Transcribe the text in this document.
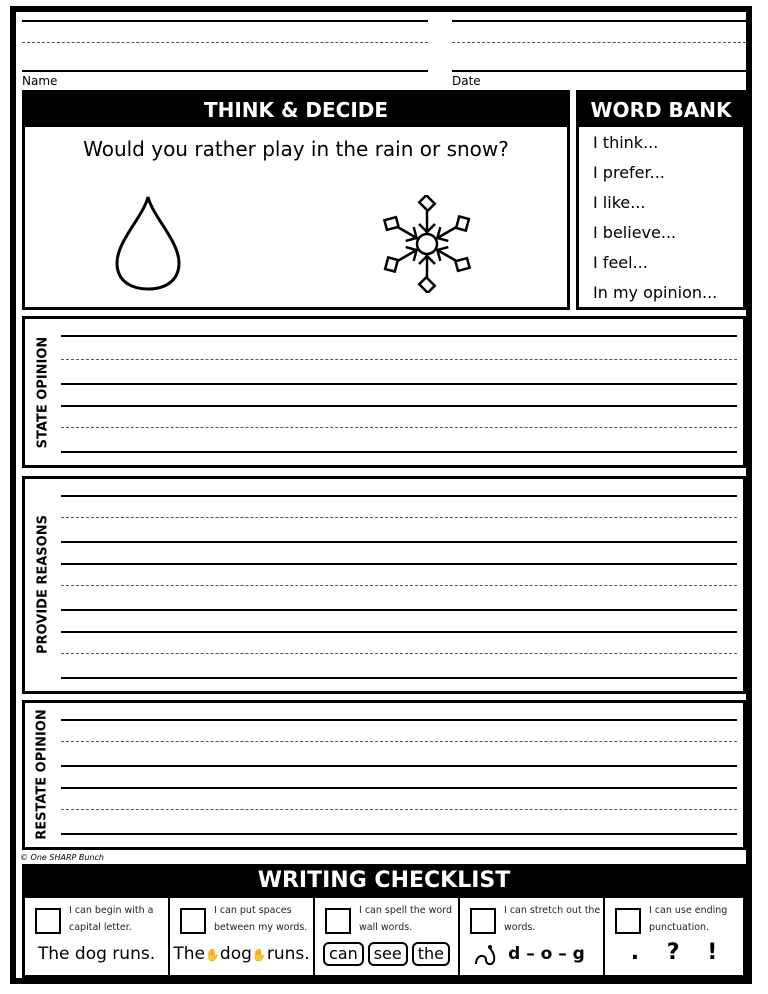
Name	Date
THINK & DECIDE
Would you rather play in the rain or snow?
WORD BANK
I think...
I prefer...
I like...
I believe...
I feel...
In my opinion...
STATE OPINION
PROVIDE REASONS
RESTATE OPINION
© One SHARP Bunch
WRITING CHECKLIST
I can begin with a capital letter.
The dog runs.
I can put spaces between my words.
The✋dog✋runs.
I can spell the word wall words.
can see the
I can stretch out the words.
d – o – g
I can use ending punctuation.
. ? !
